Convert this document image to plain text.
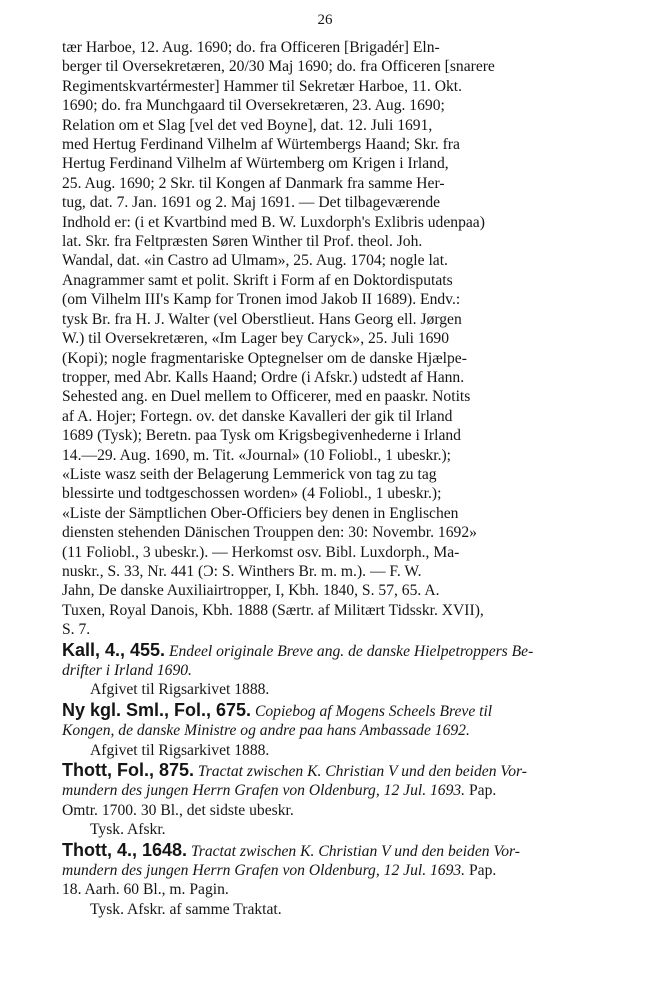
26
tær Harboe, 12. Aug. 1690; do. fra Officeren [Brigadér] Eln-
berger til Oversekretæren, 20/30 Maj 1690; do. fra Officeren [snarere
Regimentskvartérmester] Hammer til Sekretær Harboe, 11. Okt.
1690; do. fra Munchgaard til Oversekretæren, 23. Aug. 1690;
Relation om et Slag [vel det ved Boyne], dat. 12. Juli 1691,
med Hertug Ferdinand Vilhelm af Würtembergs Haand; Skr. fra
Hertug Ferdinand Vilhelm af Würtemberg om Krigen i Irland,
25. Aug. 1690; 2 Skr. til Kongen af Danmark fra samme Her-
tug, dat. 7. Jan. 1691 og 2. Maj 1691. — Det tilbageværende
Indhold er: (i et Kvartbind med B. W. Luxdorph's Exlibris udenpaa)
lat. Skr. fra Feltpræsten Søren Winther til Prof. theol. Joh.
Wandal, dat. «in Castro ad Ulmam», 25. Aug. 1704; nogle lat.
Anagrammer samt et polit. Skrift i Form af en Doktordisputats
(om Vilhelm III's Kamp for Tronen imod Jakob II 1689). Endv.:
tysk Br. fra H. J. Walter (vel Oberstlieut. Hans Georg ell. Jørgen
W.) til Oversekretæren, «Im Lager bey Caryck», 25. Juli 1690
(Kopi); nogle fragmentariske Optegnelser om de danske Hjælpe-
tropper, med Abr. Kalls Haand; Ordre (i Afskr.) udstedt af Hann.
Sehested ang. en Duel mellem to Officerer, med en paaskr. Notits
af A. Hojer; Fortegn. ov. det danske Kavalleri der gik til Irland
1689 (Tysk); Beretn. paa Tysk om Krigsbegivenhederne i Irland
14.—29. Aug. 1690, m. Tit. «Journal» (10 Foliobl., 1 ubeskr.);
«Liste wasz seith der Belagerung Lemmerick von tag zu tag
blessirte und todtgeschossen worden» (4 Foliobl., 1 ubeskr.);
«Liste der Sämptlichen Ober-Officiers bey denen in Englischen
diensten stehenden Dänischen Trouppen den: 30: Novembr. 1692»
(11 Foliobl., 3 ubeskr.). — Herkomst osv. Bibl. Luxdorph., Ma-
nuskr., S. 33, Nr. 441 (Ͻ: S. Winthers Br. m. m.). — F. W.
Jahn, De danske Auxiliairtropper, I, Kbh. 1840, S. 57, 65. A.
Tuxen, Royal Danois, Kbh. 1888 (Særtr. af Militært Tidsskr. XVII),
S. 7.
Kall, 4., 455. Endeel originale Breve ang. de danske Hielpetroppers Be-
drifter i Irland 1690.
Afgivet til Rigsarkivet 1888.
Ny kgl. Sml., Fol., 675. Copiebog af Mogens Scheels Breve til
Kongen, de danske Ministre og andre paa hans Ambassade 1692.
Afgivet til Rigsarkivet 1888.
Thott, Fol., 875. Tractat zwischen K. Christian V und den beiden Vor-
mundern des jungen Herrn Grafen von Oldenburg, 12 Jul. 1693. Pap.
Omtr. 1700. 30 Bl., det sidste ubeskr.
Tysk. Afskr.
Thott, 4., 1648. Tractat zwischen K. Christian V und den beiden Vor-
mundern des jungen Herrn Grafen von Oldenburg, 12 Jul. 1693. Pap.
18. Aarh. 60 Bl., m. Pagin.
Tysk. Afskr. af samme Traktat.
